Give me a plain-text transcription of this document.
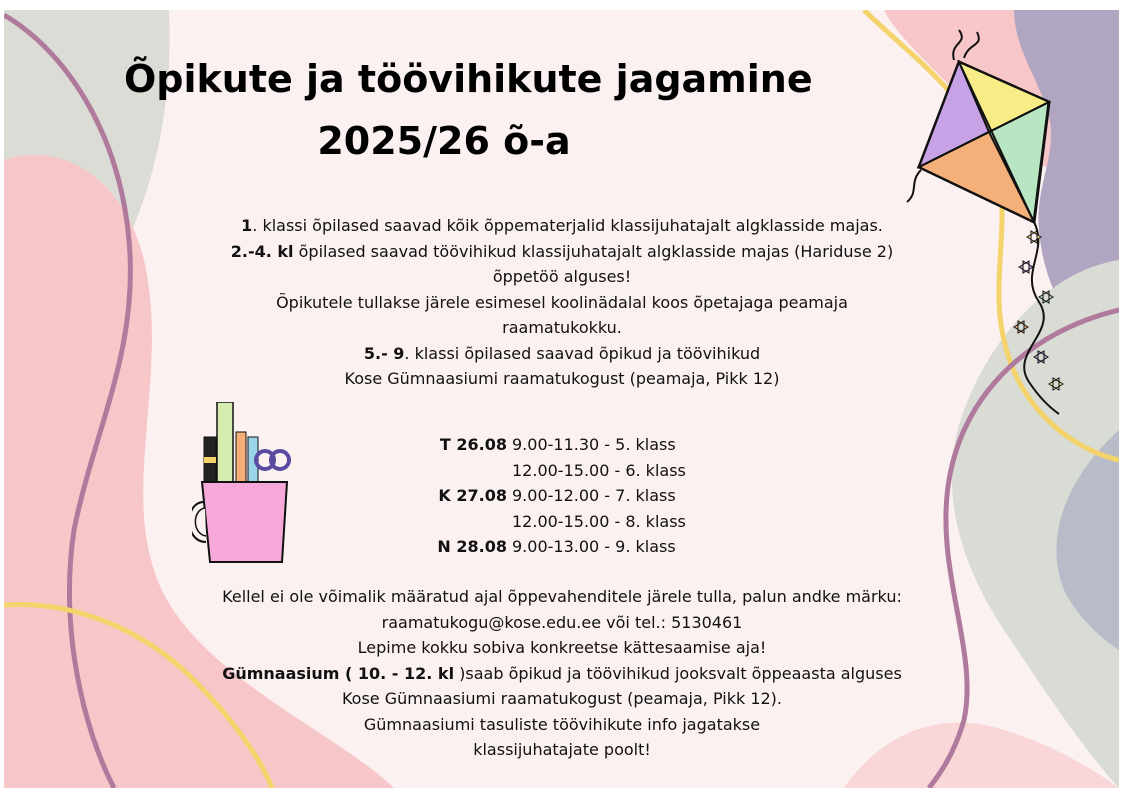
Õpikute ja töövihikute jagamine
2025/26 õ-a
1. klassi õpilased saavad kõik õppematerjalid klassijuhatajalt algklasside majas.
2.-4. kl õpilased saavad töövihikud klassijuhatajalt algklasside majas (Hariduse 2)
õppetöö alguses!
Õpikutele tullakse järele esimesel koolinädalal koos õpetajaga peamaja
raamatukokku.
5.- 9. klassi õpilased saavad õpikud ja töövihikud
Kose Gümnaasiumi raamatukogust (peamaja, Pikk 12)
T 26.08 9.00-11.30 - 5. klass
12.00-15.00 - 6. klass
K 27.08 9.00-12.00 - 7. klass
12.00-15.00 - 8. klass
N 28.08 9.00-13.00 - 9. klass
Kellel ei ole võimalik määratud ajal õppevahenditele järele tulla, palun andke märku:
raamatukogu@kose.edu.ee või tel.: 5130461
Lepime kokku sobiva konkreetse kättesaamise aja!
Gümnaasium ( 10. - 12. kl )saab õpikud ja töövihikud jooksvalt õppeaasta alguses
Kose Gümnaasiumi raamatukogust (peamaja, Pikk 12).
Gümnaasiumi tasuliste töövihikute info jagatakse
klassijuhatajate poolt!
